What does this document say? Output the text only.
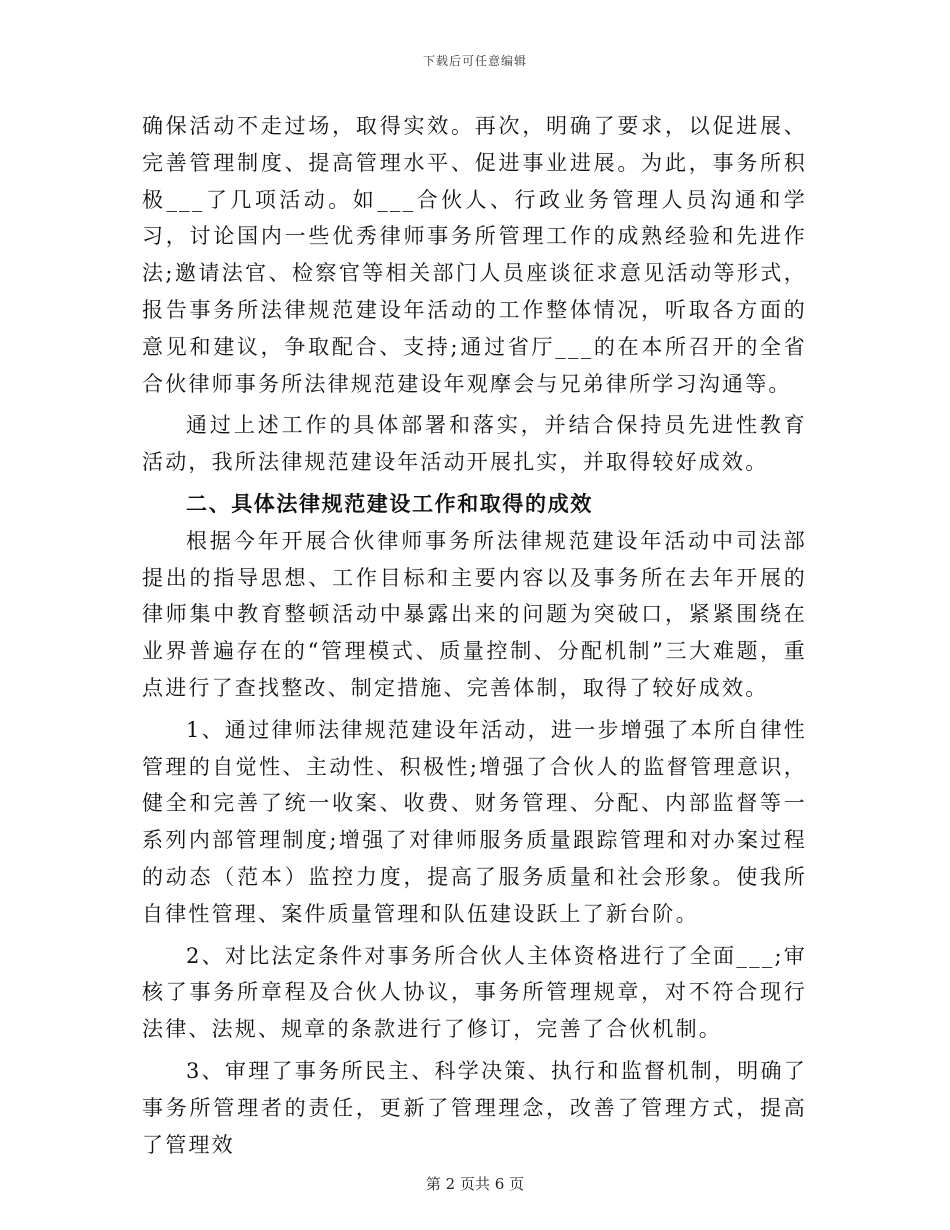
下载后可任意编辑

确保活动不走过场，取得实效。再次，明确了要求，以促进展、完善管理制度、提高管理水平、促进事业进展。为此，事务所积极___了几项活动。如___合伙人、行政业务管理人员沟通和学习，讨论国内一些优秀律师事务所管理工作的成熟经验和先进作法;邀请法官、检察官等相关部门人员座谈征求意见活动等形式，报告事务所法律规范建设年活动的工作整体情况，听取各方面的意见和建议，争取配合、支持;通过省厅___的在本所召开的全省合伙律师事务所法律规范建设年观摩会与兄弟律所学习沟通等。

通过上述工作的具体部署和落实，并结合保持员先进性教育活动，我所法律规范建设年活动开展扎实，并取得较好成效。

二、具体法律规范建设工作和取得的成效

根据今年开展合伙律师事务所法律规范建设年活动中司法部提出的指导思想、工作目标和主要内容以及事务所在去年开展的律师集中教育整顿活动中暴露出来的问题为突破口，紧紧围绕在业界普遍存在的“管理模式、质量控制、分配机制”三大难题，重点进行了查找整改、制定措施、完善体制，取得了较好成效。

1、通过律师法律规范建设年活动，进一步增强了本所自律性管理的自觉性、主动性、积极性;增强了合伙人的监督管理意识，健全和完善了统一收案、收费、财务管理、分配、内部监督等一系列内部管理制度;增强了对律师服务质量跟踪管理和对办案过程的动态（范本）监控力度，提高了服务质量和社会形象。使我所自律性管理、案件质量管理和队伍建设跃上了新台阶。

2、对比法定条件对事务所合伙人主体资格进行了全面___;审核了事务所章程及合伙人协议，事务所管理规章，对不符合现行法律、法规、规章的条款进行了修订，完善了合伙机制。

3、审理了事务所民主、科学决策、执行和监督机制，明确了事务所管理者的责任，更新了管理理念，改善了管理方式，提高了管理效

第 2 页共 6 页
